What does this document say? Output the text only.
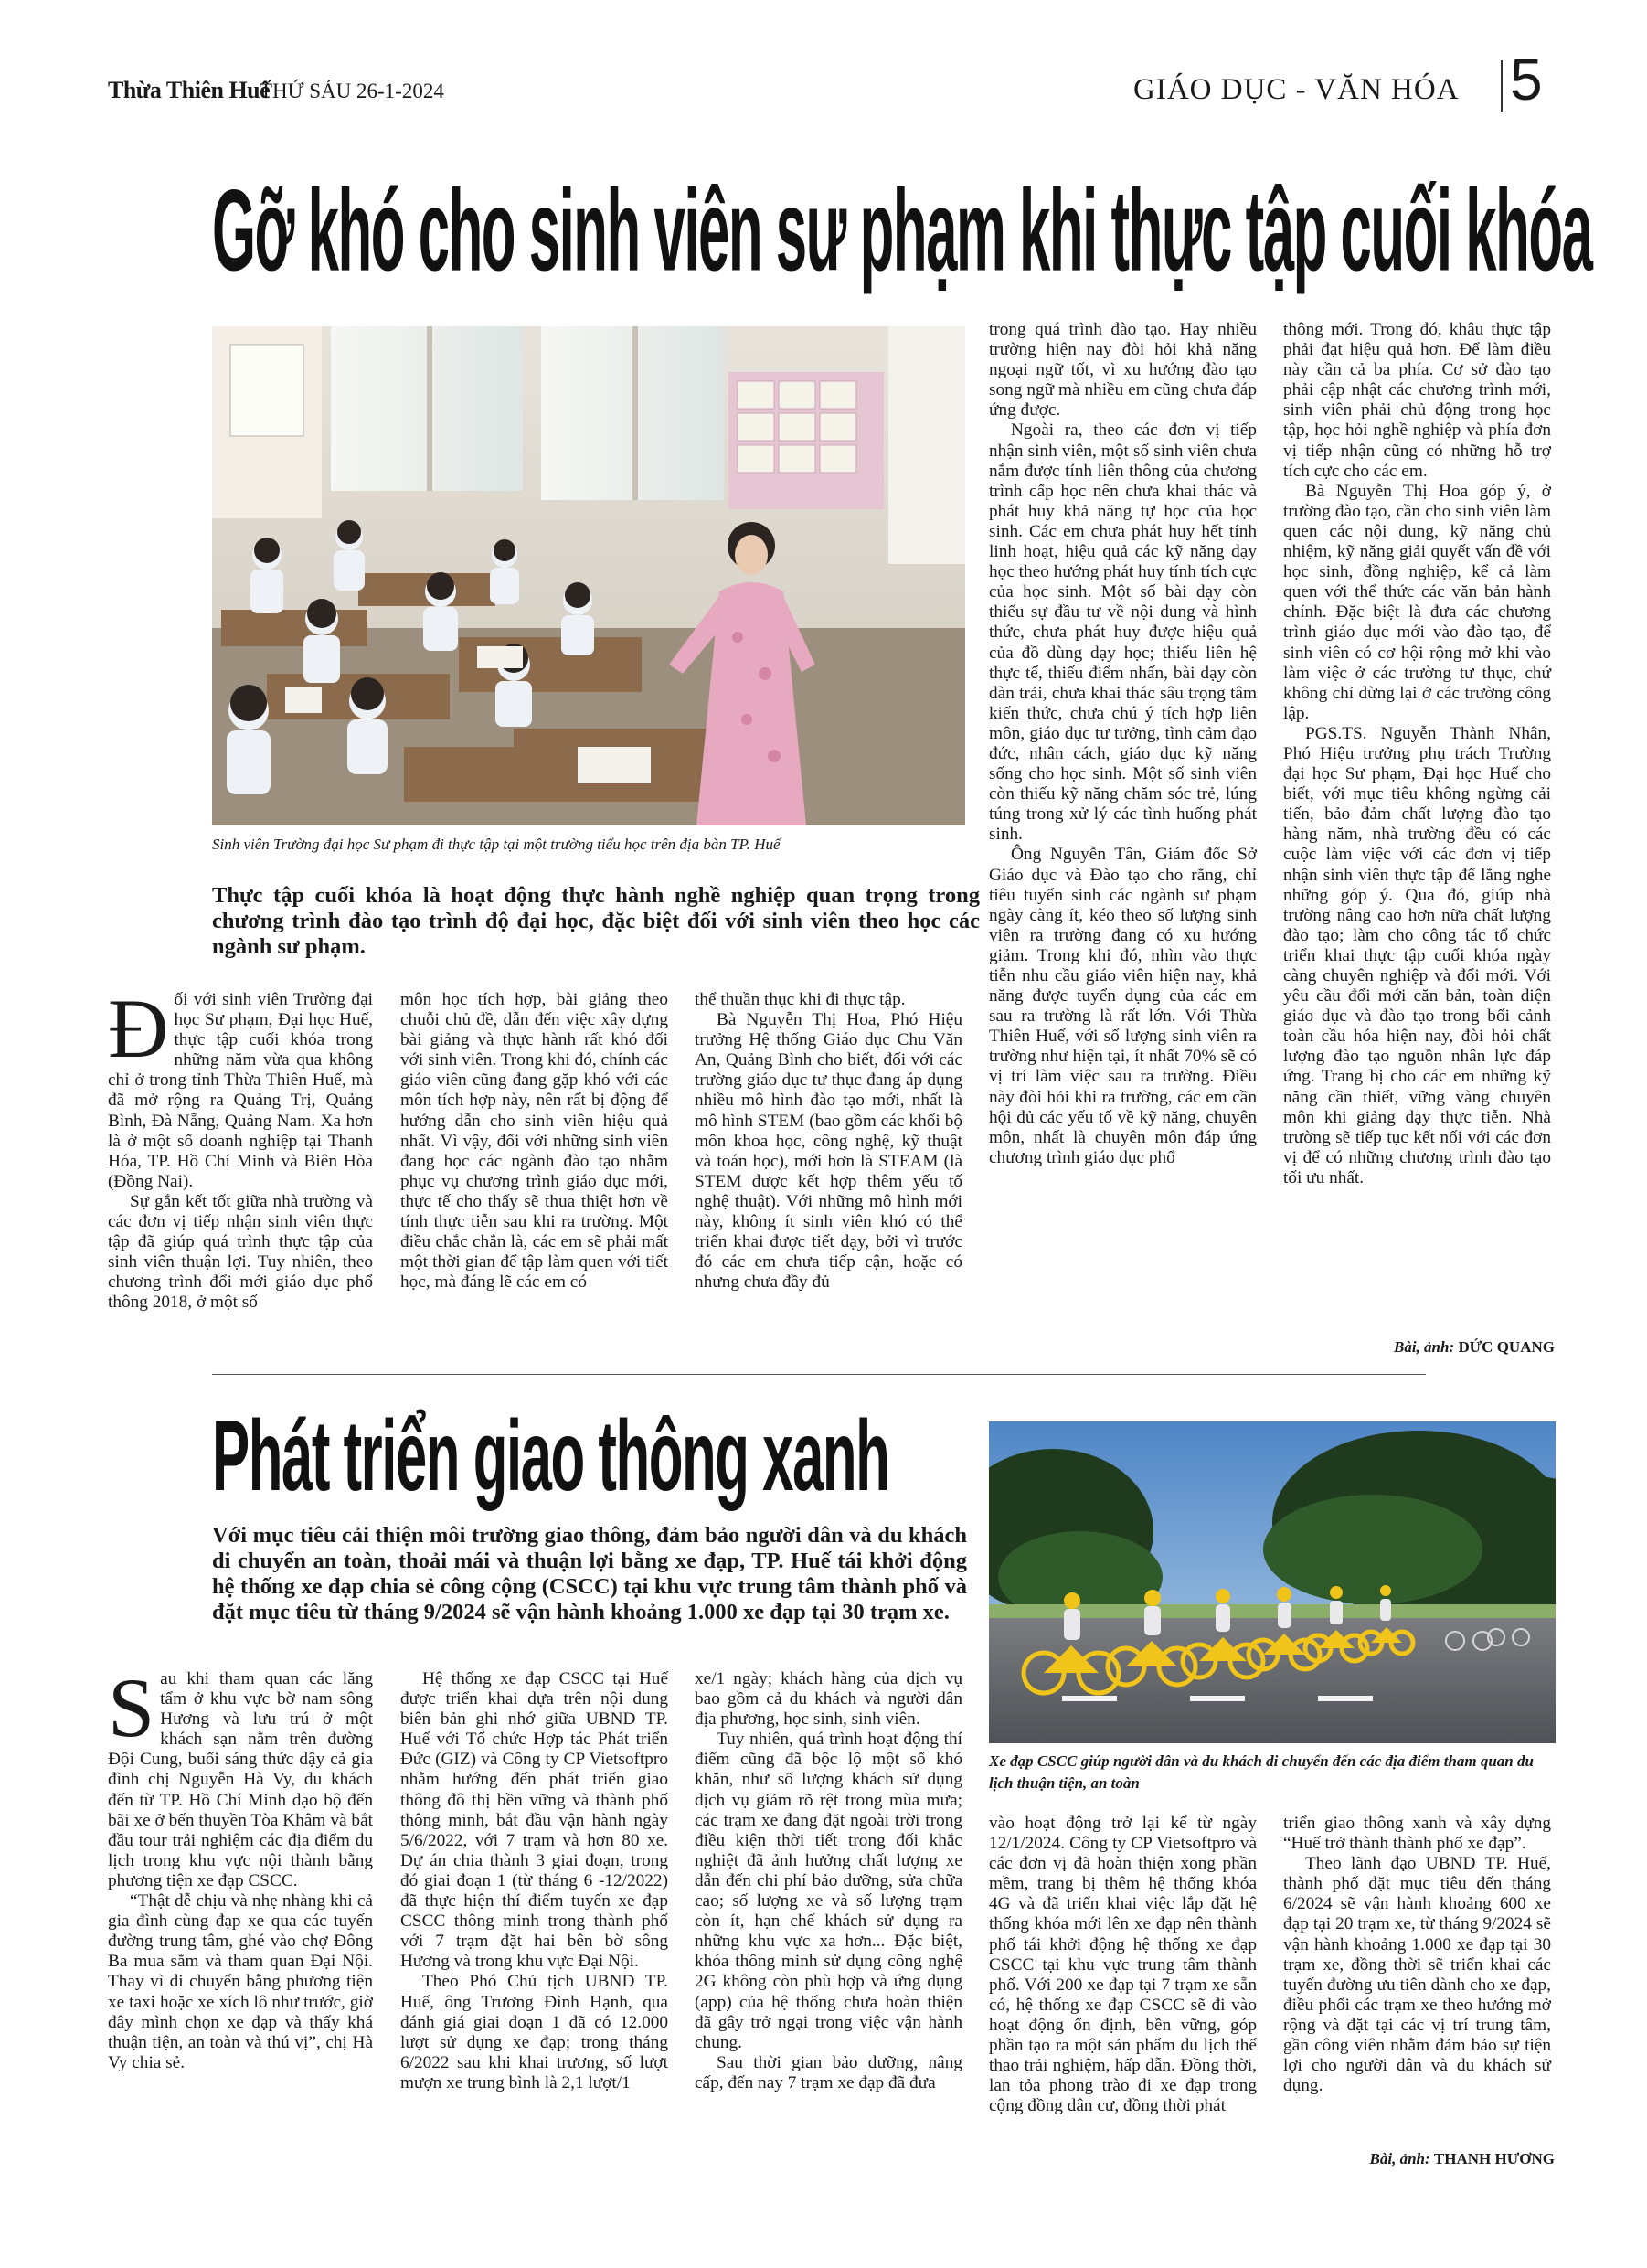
Thừa Thiên Huế
THỨ SÁU 26-1-2024	GIÁO DỤC - VĂN HÓA 5
Gỡ khó cho sinh viên sư phạm khi thực tập cuối khóa
Sinh viên Trường đại học Sư phạm đi thực tập tại một trường tiểu học trên địa bàn TP. Huế
Thực tập cuối khóa là hoạt động thực hành nghề nghiệp quan trọng trong chương trình đào tạo trình độ đại học, đặc biệt đối với sinh viên theo học các ngành sư phạm.

Đối với sinh viên Trường đại học Sư phạm, Đại học Huế, thực tập cuối khóa trong những năm vừa qua không chỉ ở trong tỉnh Thừa Thiên Huế, mà đã mở rộng ra Quảng Trị, Quảng Bình, Đà Nẵng, Quảng Nam. Xa hơn là ở một số doanh nghiệp tại Thanh Hóa, TP. Hồ Chí Minh và Biên Hòa (Đồng Nai).

Sự gắn kết tốt giữa nhà trường và các đơn vị tiếp nhận sinh viên thực tập đã giúp quá trình thực tập của sinh viên thuận lợi. Tuy nhiên, theo chương trình đổi mới giáo dục phổ thông 2018, ở một số

môn học tích hợp, bài giảng theo chuỗi chủ đề, dẫn đến việc xây dựng bài giảng và thực hành rất khó đối với sinh viên. Trong khi đó, chính các giáo viên cũng đang gặp khó với các môn tích hợp này, nên rất bị động để hướng dẫn cho sinh viên hiệu quả nhất. Vì vậy, đối với những sinh viên đang học các ngành đào tạo nhằm phục vụ chương trình giáo dục mới, thực tế cho thấy sẽ thua thiệt hơn về tính thực tiễn sau khi ra trường. Một điều chắc chắn là, các em sẽ phải mất một thời gian để tập làm quen với tiết học, mà đáng lẽ các em có

thể thuần thục khi đi thực tập.

Bà Nguyễn Thị Hoa, Phó Hiệu trưởng Hệ thống Giáo dục Chu Văn An, Quảng Bình cho biết, đối với các trường giáo dục tư thục đang áp dụng nhiều mô hình đào tạo mới, nhất là mô hình STEM (bao gồm các khối bộ môn khoa học, công nghệ, kỹ thuật và toán học), mới hơn là STEAM (là STEM được kết hợp thêm yếu tố nghệ thuật). Với những mô hình mới này, không ít sinh viên khó có thể triển khai được tiết dạy, bởi vì trước đó các em chưa tiếp cận, hoặc có nhưng chưa đầy đủ

trong quá trình đào tạo. Hay nhiều trường hiện nay đòi hỏi khả năng ngoại ngữ tốt, vì xu hướng đào tạo song ngữ mà nhiều em cũng chưa đáp ứng được.

Ngoài ra, theo các đơn vị tiếp nhận sinh viên, một số sinh viên chưa nắm được tính liên thông của chương trình cấp học nên chưa khai thác và phát huy khả năng tự học của học sinh. Các em chưa phát huy hết tính linh hoạt, hiệu quả các kỹ năng dạy học theo hướng phát huy tính tích cực của học sinh. Một số bài dạy còn thiếu sự đầu tư về nội dung và hình thức, chưa phát huy được hiệu quả của đồ dùng dạy học; thiếu liên hệ thực tế, thiếu điểm nhấn, bài dạy còn dàn trải, chưa khai thác sâu trọng tâm kiến thức, chưa chú ý tích hợp liên môn, giáo dục tư tưởng, tình cảm đạo đức, nhân cách, giáo dục kỹ năng sống cho học sinh. Một số sinh viên còn thiếu kỹ năng chăm sóc trẻ, lúng túng trong xử lý các tình huống phát sinh.

Ông Nguyễn Tân, Giám đốc Sở Giáo dục và Đào tạo cho rằng, chỉ tiêu tuyển sinh các ngành sư phạm ngày càng ít, kéo theo số lượng sinh viên ra trường đang có xu hướng giảm. Trong khi đó, nhìn vào thực tiễn nhu cầu giáo viên hiện nay, khả năng được tuyển dụng của các em sau ra trường là rất lớn. Với Thừa Thiên Huế, với số lượng sinh viên ra trường như hiện tại, ít nhất 70% sẽ có vị trí làm việc sau ra trường. Điều này đòi hỏi khi ra trường, các em cần hội đủ các yếu tố về kỹ năng, chuyên môn, nhất là chuyên môn đáp ứng chương trình giáo dục phổ

thông mới. Trong đó, khâu thực tập phải đạt hiệu quả hơn. Để làm điều này cần cả ba phía. Cơ sở đào tạo phải cập nhật các chương trình mới, sinh viên phải chủ động trong học tập, học hỏi nghề nghiệp và phía đơn vị tiếp nhận cũng có những hỗ trợ tích cực cho các em.

Bà Nguyễn Thị Hoa góp ý, ở trường đào tạo, cần cho sinh viên làm quen các nội dung, kỹ năng chủ nhiệm, kỹ năng giải quyết vấn đề với học sinh, đồng nghiệp, kể cả làm quen với thể thức các văn bản hành chính. Đặc biệt là đưa các chương trình giáo dục mới vào đào tạo, để sinh viên có cơ hội rộng mở khi vào làm việc ở các trường tư thục, chứ không chỉ dừng lại ở các trường công lập.

PGS.TS. Nguyễn Thành Nhân, Phó Hiệu trưởng phụ trách Trường đại học Sư phạm, Đại học Huế cho biết, với mục tiêu không ngừng cải tiến, bảo đảm chất lượng đào tạo hàng năm, nhà trường đều có các cuộc làm việc với các đơn vị tiếp nhận sinh viên thực tập để lắng nghe những góp ý. Qua đó, giúp nhà trường nâng cao hơn nữa chất lượng đào tạo; làm cho công tác tổ chức triển khai thực tập cuối khóa ngày càng chuyên nghiệp và đổi mới. Với yêu cầu đổi mới căn bản, toàn diện giáo dục và đào tạo trong bối cảnh toàn cầu hóa hiện nay, đòi hỏi chất lượng đào tạo nguồn nhân lực đáp ứng. Trang bị cho các em những kỹ năng cần thiết, vững vàng chuyên môn khi giảng dạy thực tiễn. Nhà trường sẽ tiếp tục kết nối với các đơn vị để có những chương trình đào tạo tối ưu nhất.

Bài, ảnh: ĐỨC QUANG
Phát triển giao thông xanh
Với mục tiêu cải thiện môi trường giao thông, đảm bảo người dân và du khách di chuyển an toàn, thoải mái và thuận lợi bằng xe đạp, TP. Huế tái khởi động hệ thống xe đạp chia sẻ công cộng (CSCC) tại khu vực trung tâm thành phố và đặt mục tiêu từ tháng 9/2024 sẽ vận hành khoảng 1.000 xe đạp tại 30 trạm xe.
Xe đạp CSCC giúp người dân và du khách di chuyển đến các địa điểm tham quan du lịch thuận tiện, an toàn

Sau khi tham quan các lăng tẩm ở khu vực bờ nam sông Hương và lưu trú ở một khách sạn nằm trên đường Đội Cung, buổi sáng thức dậy cả gia đình chị Nguyễn Hà Vy, du khách đến từ TP. Hồ Chí Minh dạo bộ đến bãi xe ở bến thuyền Tòa Khâm và bắt đầu tour trải nghiệm các địa điểm du lịch trong khu vực nội thành bằng phương tiện xe đạp CSCC.

“Thật dễ chịu và nhẹ nhàng khi cả gia đình cùng đạp xe qua các tuyến đường trung tâm, ghé vào chợ Đông Ba mua sắm và tham quan Đại Nội. Thay vì di chuyển bằng phương tiện xe taxi hoặc xe xích lô như trước, giờ đây mình chọn xe đạp và thấy khá thuận tiện, an toàn và thú vị”, chị Hà Vy chia sẻ.

Hệ thống xe đạp CSCC tại Huế được triển khai dựa trên nội dung biên bản ghi nhớ giữa UBND TP. Huế với Tổ chức Hợp tác Phát triển Đức (GIZ) và Công ty CP Vietsoftpro nhằm hướng đến phát triển giao thông đô thị bền vững và thành phố thông minh, bắt đầu vận hành ngày 5/6/2022, với 7 trạm và hơn 80 xe. Dự án chia thành 3 giai đoạn, trong đó giai đoạn 1 (từ tháng 6 -12/2022) đã thực hiện thí điểm tuyến xe đạp CSCC thông minh trong thành phố với 7 trạm đặt hai bên bờ sông Hương và trong khu vực Đại Nội.

Theo Phó Chủ tịch UBND TP. Huế, ông Trương Đình Hạnh, qua đánh giá giai đoạn 1 đã có 12.000 lượt sử dụng xe đạp; trong tháng 6/2022 sau khi khai trương, số lượt mượn xe trung bình là 2,1 lượt/1

xe/1 ngày; khách hàng của dịch vụ bao gồm cả du khách và người dân địa phương, học sinh, sinh viên.

Tuy nhiên, quá trình hoạt động thí điểm cũng đã bộc lộ một số khó khăn, như số lượng khách sử dụng dịch vụ giảm rõ rệt trong mùa mưa; các trạm xe đang đặt ngoài trời trong điều kiện thời tiết trong đối khắc nghiệt đã ảnh hưởng chất lượng xe dẫn đến chi phí bảo dưỡng, sửa chữa cao; số lượng xe và số lượng trạm còn ít, hạn chế khách sử dụng ra những khu vực xa hơn... Đặc biệt, khóa thông minh sử dụng công nghệ 2G không còn phù hợp và ứng dụng (app) của hệ thống chưa hoàn thiện đã gây trở ngại trong việc vận hành chung.

Sau thời gian bảo dưỡng, nâng cấp, đến nay 7 trạm xe đạp đã đưa

vào hoạt động trở lại kể từ ngày 12/1/2024. Công ty CP Vietsoftpro và các đơn vị đã hoàn thiện xong phần mềm, trang bị thêm hệ thống khóa 4G và đã triển khai việc lắp đặt hệ thống khóa mới lên xe đạp nên thành phố tái khởi động hệ thống xe đạp CSCC tại khu vực trung tâm thành phố. Với 200 xe đạp tại 7 trạm xe sẵn có, hệ thống xe đạp CSCC sẽ đi vào hoạt động ổn định, bền vững, góp phần tạo ra một sản phẩm du lịch thể thao trải nghiệm, hấp dẫn. Đồng thời, lan tỏa phong trào đi xe đạp trong cộng đồng dân cư, đồng thời phát

triển giao thông xanh và xây dựng “Huế trở thành thành phố xe đạp”.

Theo lãnh đạo UBND TP. Huế, thành phố đặt mục tiêu đến tháng 6/2024 sẽ vận hành khoảng 600 xe đạp tại 20 trạm xe, từ tháng 9/2024 sẽ vận hành khoảng 1.000 xe đạp tại 30 trạm xe, đồng thời sẽ triển khai các tuyến đường ưu tiên dành cho xe đạp, điều phối các trạm xe theo hướng mở rộng và đặt tại các vị trí trung tâm, gần công viên nhằm đảm bảo sự tiện lợi cho người dân và du khách sử dụng.

Bài, ảnh: THANH HƯƠNG
